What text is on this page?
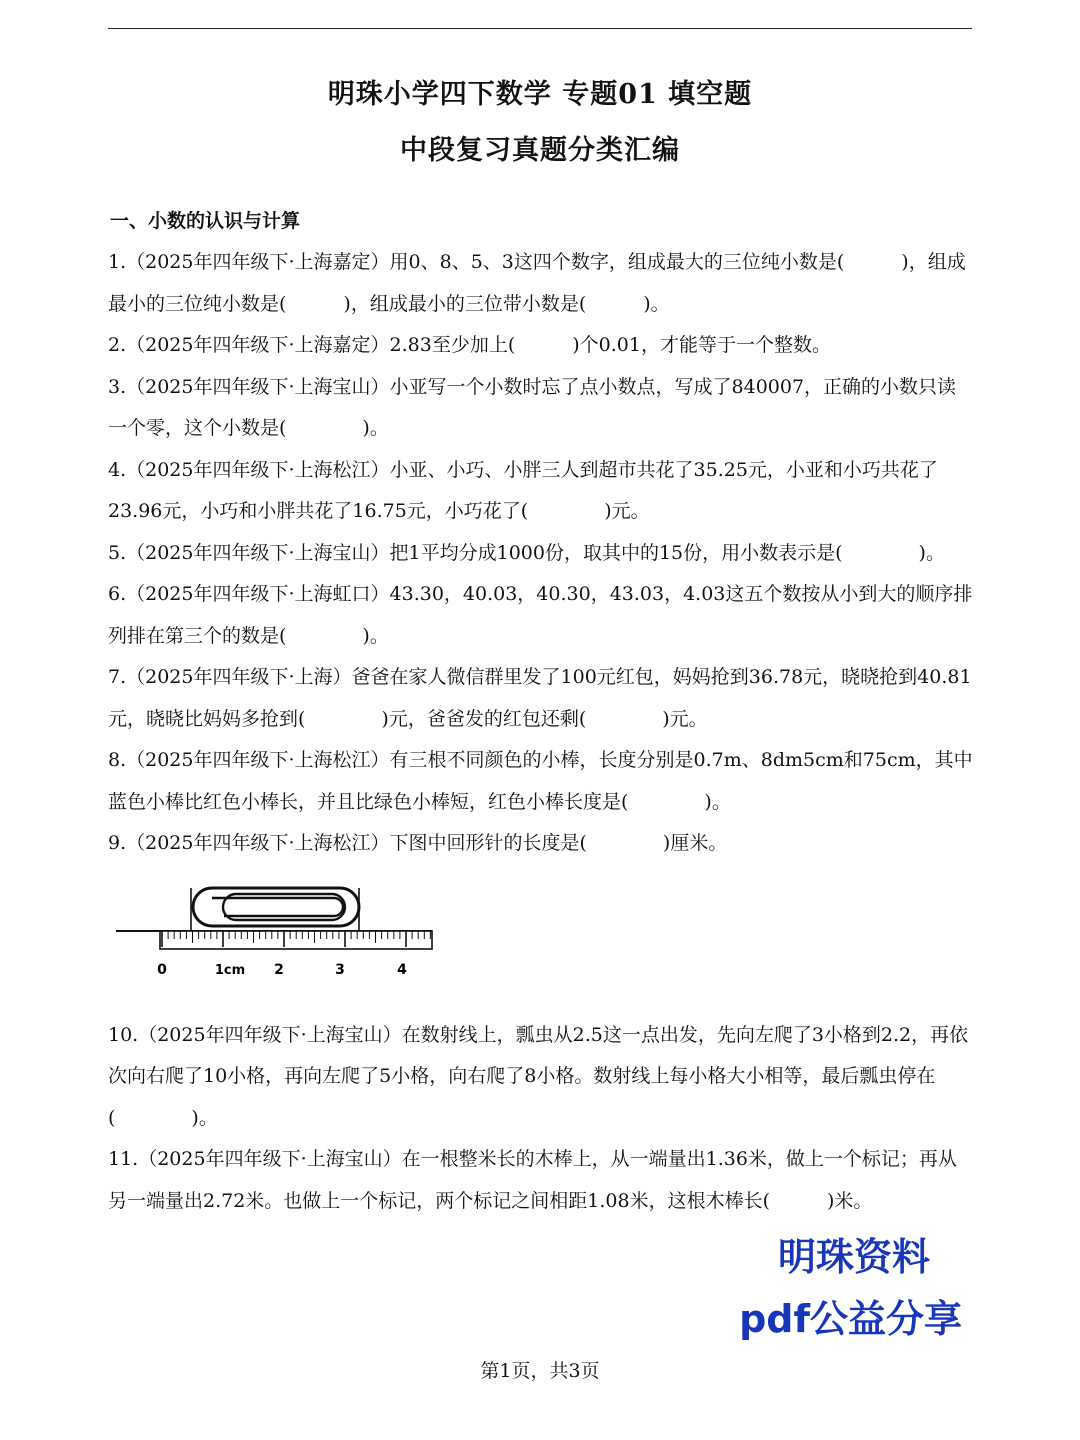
明珠小学四下数学 专题01 填空题
中段复习真题分类汇编
一、小数的认识与计算

1.（2025年四年级下·上海嘉定）用0、8、5、3这四个数字，组成最大的三位纯小数是(　　　)，组成最小的三位纯小数是(　　　)，组成最小的三位带小数是(　　　)。

2.（2025年四年级下·上海嘉定）2.83至少加上(　　　)个0.01，才能等于一个整数。

3.（2025年四年级下·上海宝山）小亚写一个小数时忘了点小数点，写成了840007，正确的小数只读一个零，这个小数是(　　　　)。

4.（2025年四年级下·上海松江）小亚、小巧、小胖三人到超市共花了35.25元，小亚和小巧共花了23.96元，小巧和小胖共花了16.75元，小巧花了(　　　　)元。

5.（2025年四年级下·上海宝山）把1平均分成1000份，取其中的15份，用小数表示是(　　　　)。

6.（2025年四年级下·上海虹口）43.30，40.03，40.30，43.03，4.03这五个数按从小到大的顺序排列排在第三个的数是(　　　　)。

7.（2025年四年级下·上海）爸爸在家人微信群里发了100元红包，妈妈抢到36.78元，晓晓抢到40.81元，晓晓比妈妈多抢到(　　　　)元，爸爸发的红包还剩(　　　　)元。

8.（2025年四年级下·上海松江）有三根不同颜色的小棒，长度分别是0.7m、8dm5cm和75cm，其中蓝色小棒比红色小棒长，并且比绿色小棒短，红色小棒长度是(　　　　)。

9.（2025年四年级下·上海松江）下图中回形针的长度是(　　　　)厘米。

10.（2025年四年级下·上海宝山）在数射线上，瓢虫从2.5这一点出发，先向左爬了3小格到2.2，再依次向右爬了10小格，再向左爬了5小格，向右爬了8小格。数射线上每小格大小相等，最后瓢虫停在(　　　　)。

11.（2025年四年级下·上海宝山）在一根整米长的木棒上，从一端量出1.36米，做上一个标记；再从另一端量出2.72米。也做上一个标记，两个标记之间相距1.08米，这根木棒长(　　　)米。

0	1cm 2	3	4
明珠资料
pdf公益分享
第1页，共3页
